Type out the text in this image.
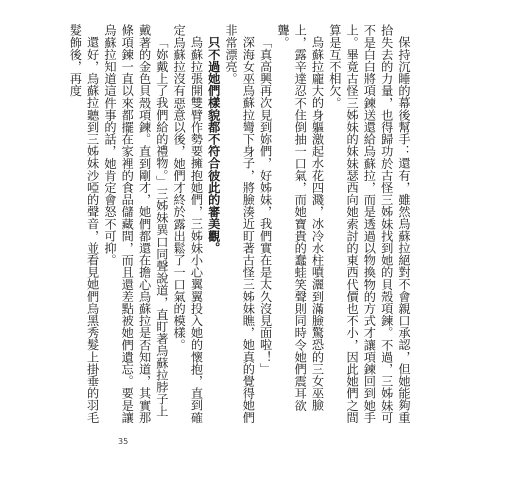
保持沉睡的幕後幫手：還有，雖然烏蘇拉絕對不會親口承認，但她能夠重拾失去的力量，也得歸功於古怪三姊妹找到她的貝殼項鍊。不過，三姊妹可不是白白將項鍊送還給烏蘇拉，而是透過以物換物的方式才讓項鍊回到她手上。畢竟古怪三姊妹的妹妹瑟西向她索討的東西代價也不小，因此她們之間算是互不相欠。

烏蘇拉龐大的身軀激起水花四濺，冰冷水柱噴灑到滿臉驚恐的三女巫臉上，露辛達忍不住倒抽一口氣，而她寶貴的蠢蛙笑聲則同時令她們震耳欲聾。

「真高興再次見到妳們，好姊妹，我們實在是太久沒見面啦！」

深海女巫烏蘇拉彎下身子，將臉湊近盯著古怪三姊妹瞧，她真的覺得她們非常漂亮。

只不過她們樣貌都不符合彼此的審美觀。

烏蘇拉張開雙臂作勢要擁抱她們，三姊妹小心翼翼投入她的懷抱，直到確定烏蘇拉沒有惡意以後，她們才終於露出鬆了一口氣的模樣。

「妳戴上了我們給的禮物。」三姊妹異口同聲說道，直盯著烏蘇拉脖子上戴著的金色貝殼項鍊。直到剛才，她們都還在擔心烏蘇拉是否知道，其實那條項鍊一直以來都擺在家裡的食品儲藏間，而且還差點被她們遺忘。要是讓烏蘇拉知道這件事的話，她肯定會怒不可抑。

還好，烏蘇拉聽到三姊妹沙啞的聲音，並看見她們烏黑秀髮上掛垂的羽毛髮飾後，再度

35
